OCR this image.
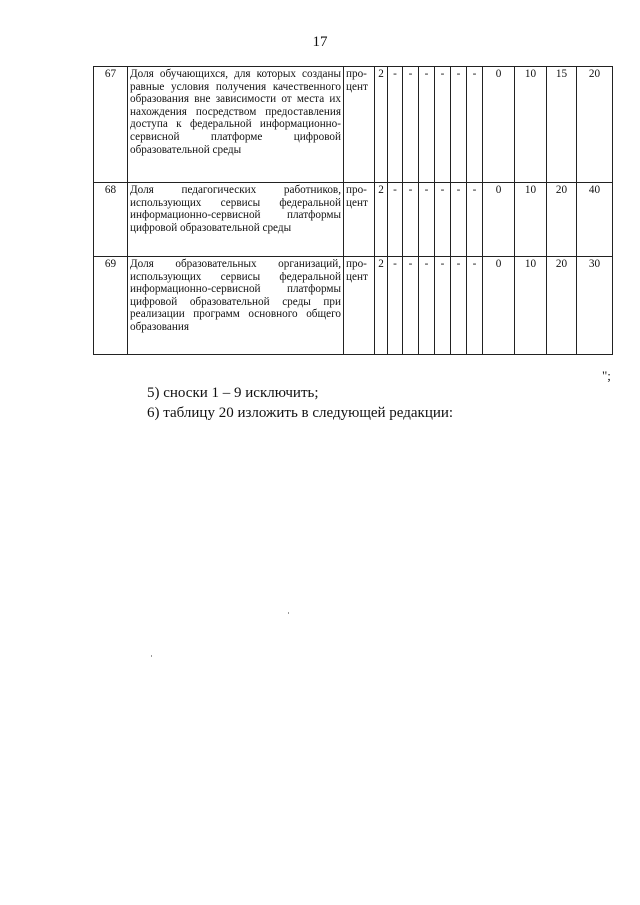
17
67	Доля обучающихся, для которых созданы равные условия получения качественного образования вне зависимости от места их нахождения посредством предоставления доступа к федеральной информационно-сервисной платформе цифровой образовательной среды	про-цент	2	-	-	-	-	-	-	0	10	15	20
68	Доля педагогических работников, использующих сервисы федеральной информационно-сервисной платформы цифровой образовательной среды	про-цент	2	-	-	-	-	-	-	0	10	20	40
69	Доля образовательных организаций, использующих сервисы федеральной информационно-сервисной платформы цифровой образовательной среды при реализации программ основного общего образования	про-цент	2	-	-	-	-	-	-	0	10	20	30
";
5) сноски 1 – 9 исключить;
6) таблицу 20 изложить в следующей редакции:
